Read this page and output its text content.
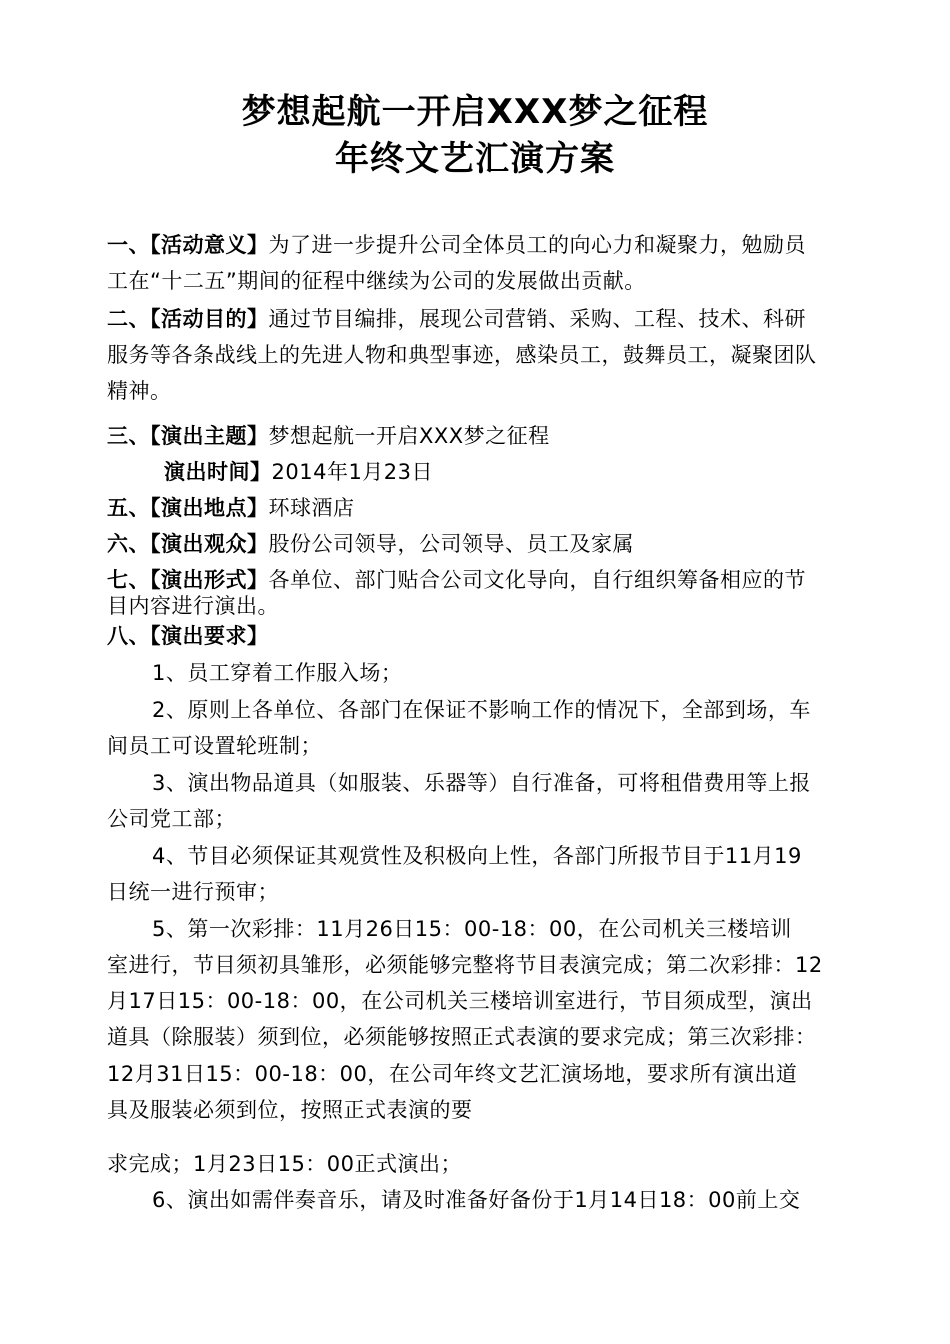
梦想起航一开启XXX梦之征程
年终文艺汇演方案
一、【活动意义】为了进一步提升公司全体员工的向心力和凝聚力，勉励员
工在“十二五”期间的征程中继续为公司的发展做出贡献。
二、【活动目的】通过节目编排，展现公司营销、采购、工程、技术、科研
服务等各条战线上的先进人物和典型事迹，感染员工，鼓舞员工，凝聚团队
精神。
三、【演出主题】梦想起航一开启XXX梦之征程
演出时间】2014年1月23日
五、【演出地点】环球酒店
六、【演出观众】股份公司领导，公司领导、员工及家属
七、【演出形式】各单位、部门贴合公司文化导向，自行组织筹备相应的节
目内容进行演出。
八、【演出要求】
1、员工穿着工作服入场；
2、原则上各单位、各部门在保证不影响工作的情况下，全部到场，车
间员工可设置轮班制；
3、演出物品道具（如服装、乐器等）自行准备，可将租借费用等上报
公司党工部；
4、节目必须保证其观赏性及积极向上性，各部门所报节目于11月19
日统一进行预审；
5、第一次彩排：11月26日15：00-18：00，在公司机关三楼培训
室进行，节目须初具雏形，必须能够完整将节目表演完成；第二次彩排：12
月17日15：00-18：00，在公司机关三楼培训室进行，节目须成型，演出
道具（除服装）须到位，必须能够按照正式表演的要求完成；第三次彩排：
12月31日15：00-18：00，在公司年终文艺汇演场地，要求所有演出道
具及服装必须到位，按照正式表演的要
求完成；1月23日15：00正式演出；
6、演出如需伴奏音乐，请及时准备好备份于1月14日18：00前上交
